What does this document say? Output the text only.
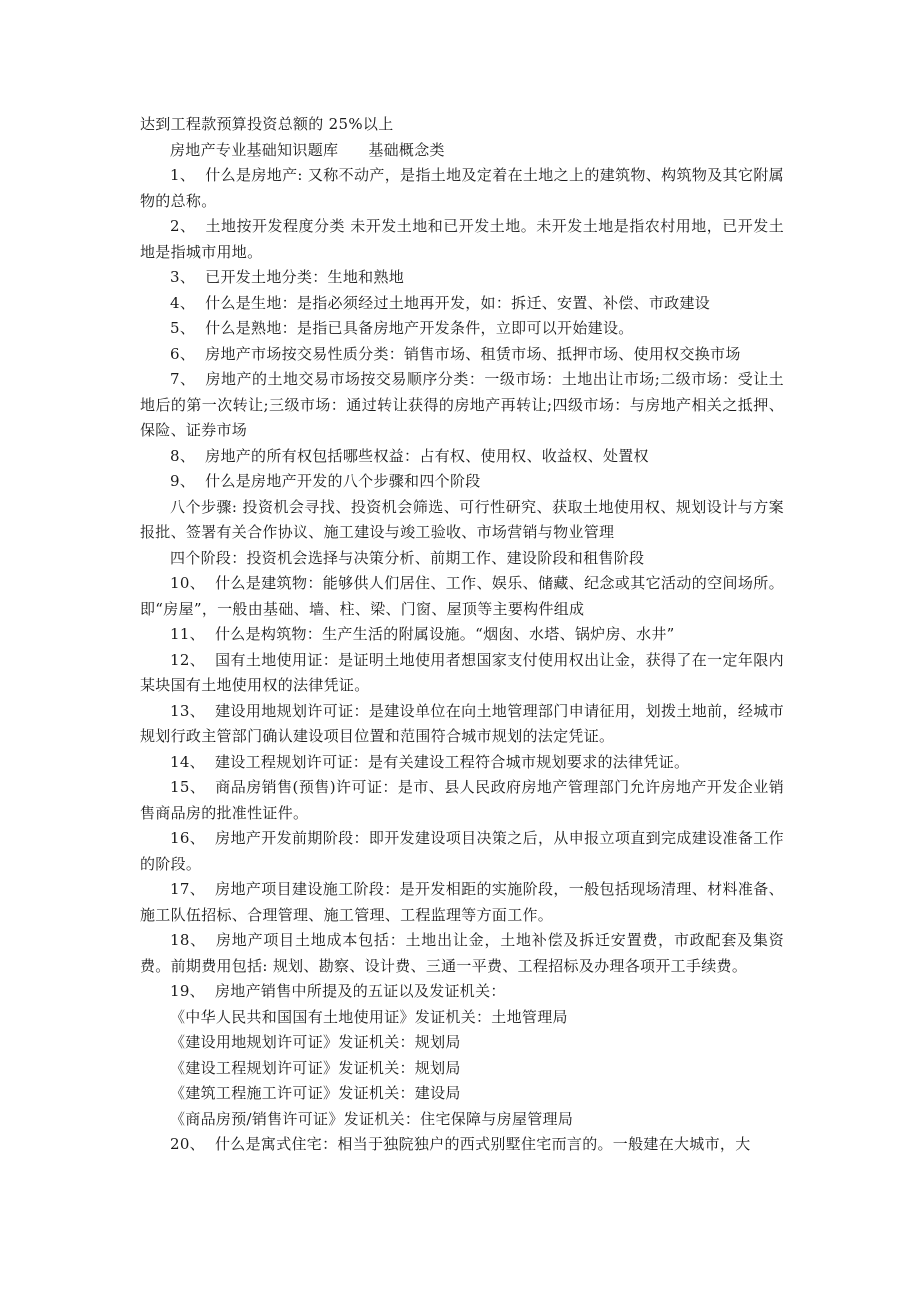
达到工程款预算投资总额的 25%以上

房地产专业基础知识题库 基础概念类

1、 什么是房地产: 又称不动产，是指土地及定着在土地之上的建筑物、构筑物及其它附属物的总称。

2、 土地按开发程度分类 未开发土地和已开发土地。未开发土地是指农村用地，已开发土地是指城市用地。

3、 已开发土地分类：生地和熟地

4、 什么是生地：是指必须经过土地再开发，如：拆迁、安置、补偿、市政建设

5、 什么是熟地：是指已具备房地产开发条件，立即可以开始建设。

6、 房地产市场按交易性质分类：销售市场、租赁市场、抵押市场、使用权交换市场

7、 房地产的土地交易市场按交易顺序分类：一级市场：土地出让市场;二级市场：受让土地后的第一次转让;三级市场：通过转让获得的房地产再转让;四级市场：与房地产相关之抵押、保险、证券市场

8、 房地产的所有权包括哪些权益：占有权、使用权、收益权、处置权

9、 什么是房地产开发的八个步骤和四个阶段

八个步骤: 投资机会寻找、投资机会筛选、可行性研究、获取土地使用权、规划设计与方案报批、签署有关合作协议、施工建设与竣工验收、市场营销与物业管理

四个阶段：投资机会选择与决策分析、前期工作、建设阶段和租售阶段

10、 什么是建筑物：能够供人们居住、工作、娱乐、储藏、纪念或其它活动的空间场所。即“房屋”，一般由基础、墙、柱、梁、门窗、屋顶等主要构件组成

11、 什么是构筑物：生产生活的附属设施。“烟囱、水塔、锅炉房、水井”

12、 国有土地使用证：是证明土地使用者想国家支付使用权出让金，获得了在一定年限内某块国有土地使用权的法律凭证。

13、 建设用地规划许可证：是建设单位在向土地管理部门申请征用，划拨土地前，经城市规划行政主管部门确认建设项目位置和范围符合城市规划的法定凭证。

14、 建设工程规划许可证：是有关建设工程符合城市规划要求的法律凭证。

15、 商品房销售(预售)许可证：是市、县人民政府房地产管理部门允许房地产开发企业销售商品房的批准性证件。

16、 房地产开发前期阶段：即开发建设项目决策之后，从申报立项直到完成建设准备工作的阶段。

17、 房地产项目建设施工阶段：是开发相距的实施阶段，一般包括现场清理、材料准备、施工队伍招标、合理管理、施工管理、工程监理等方面工作。

18、 房地产项目土地成本包括：土地出让金，土地补偿及拆迁安置费，市政配套及集资费。前期费用包括: 规划、勘察、设计费、三通一平费、工程招标及办理各项开工手续费。

19、 房地产销售中所提及的五证以及发证机关：

《中华人民共和国国有土地使用证》发证机关：土地管理局

《建设用地规划许可证》发证机关：规划局

《建设工程规划许可证》发证机关：规划局

《建筑工程施工许可证》发证机关：建设局

《商品房预/销售许可证》发证机关：住宅保障与房屋管理局

20、 什么是寓式住宅：相当于独院独户的西式别墅住宅而言的。一般建在大城市，大
